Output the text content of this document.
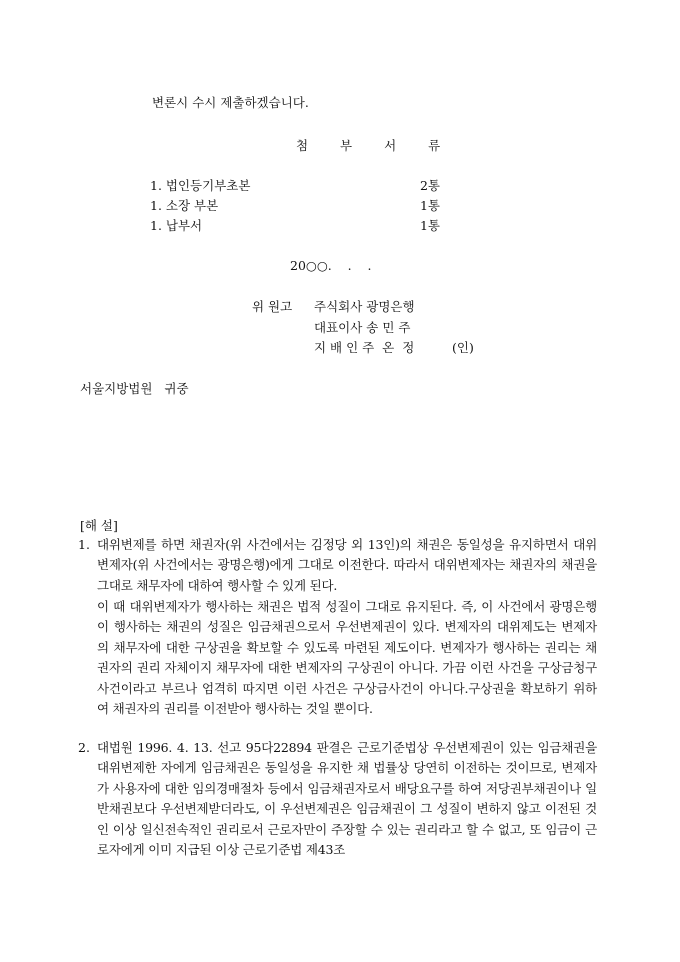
변론시 수시 제출하겠습니다.
첨 부 서 류
1. 법인등기부초본	2통
1. 소장 부본	1통
1. 납부서	1통
20○○.    .    .
위 원고 주식회사 광명은행
대표이사 송 민 주
지 배 인 주  온  정	(인)
서울지방법원   귀중
[해 설]
1. 대위변제를 하면 채권자(위 사건에서는 김정당 외 13인)의 채권은 동일성을 유지하면서 대위변제자(위 사건에서는 광명은행)에게 그대로 이전한다. 따라서 대위변제자는 채권자의 채권을 그대로 채무자에 대하여 행사할 수 있게 된다.
이 때 대위변제자가 행사하는 채권은 법적 성질이 그대로 유지된다. 즉, 이 사건에서 광명은행이 행사하는 채권의 성질은 임금채권으로서 우선변제권이 있다. 변제자의 대위제도는 변제자의 채무자에 대한 구상권을 확보할 수 있도록 마련된 제도이다. 변제자가 행사하는 권리는 채권자의 권리 자체이지 채무자에 대한 변제자의 구상권이 아니다. 가끔 이런 사건을 구상금청구사건이라고 부르나 엄격히 따지면 이런 사건은 구상금사건이 아니다.구상권을 확보하기 위하여 채권자의 권리를 이전받아 행사하는 것일 뿐이다.
2. 대법원 1996. 4. 13. 선고 95다22894 판결은 근로기준법상 우선변제권이 있는 임금채권을 대위변제한 자에게 임금채권은 동일성을 유지한 채 법률상 당연히 이전하는 것이므로, 변제자가 사용자에 대한 임의경매절차 등에서 임금채권자로서 배당요구를 하여 저당권부채권이나 일반채권보다 우선변제받더라도, 이 우선변제권은 임금채권이 그 성질이 변하지 않고 이전된 것인 이상 일신전속적인 권리로서 근로자만이 주장할 수 있는 권리라고 할 수 없고, 또 임금이 근로자에게 이미 지급된 이상 근로기준법 제43조
